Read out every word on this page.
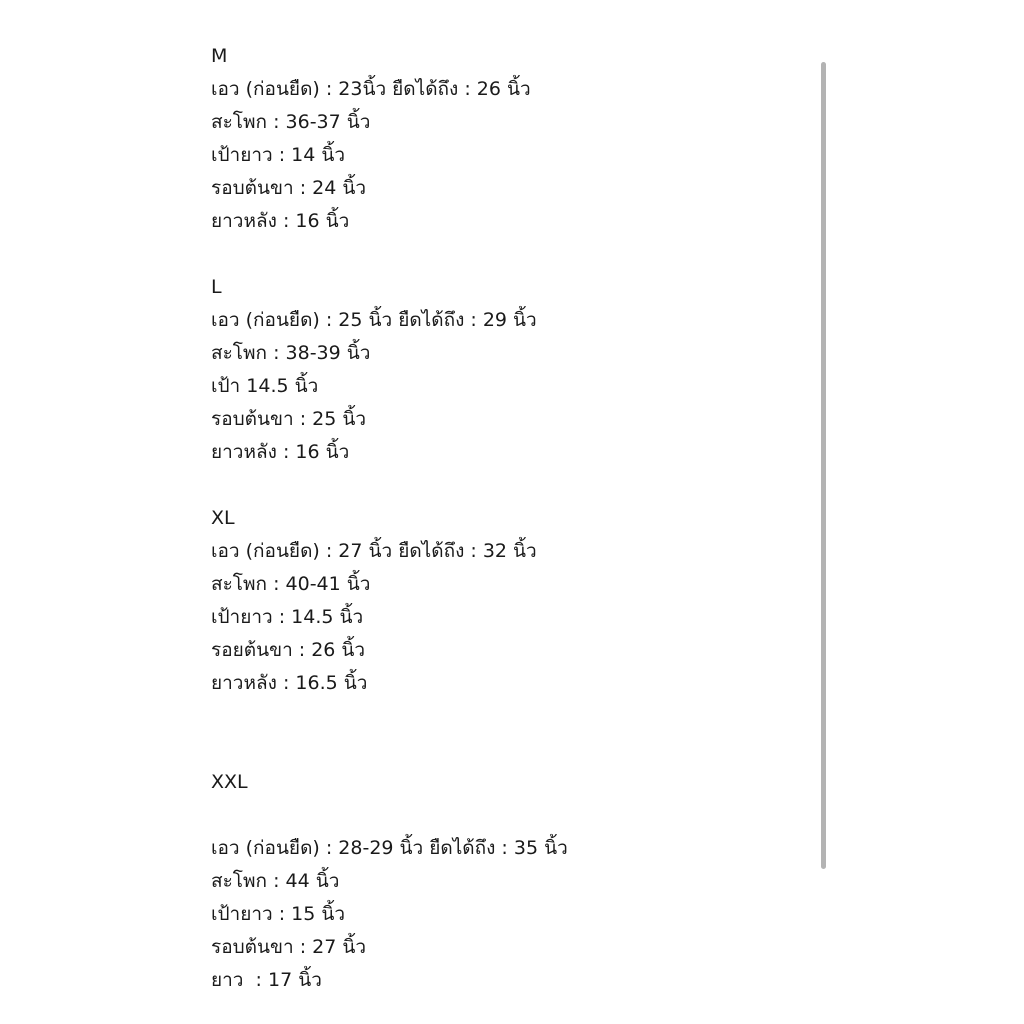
M
เอว (ก่อนยืด) : 23นิ้ว ยืดได้ถึง : 26 นิ้ว
สะโพก : 36-37 นิ้ว
เป้ายาว : 14 นิ้ว
รอบต้นขา : 24 นิ้ว
ยาวหลัง : 16 นิ้ว
L
เอว (ก่อนยืด) : 25 นิ้ว ยืดได้ถึง : 29 นิ้ว
สะโพก : 38-39 นิ้ว
เป้า 14.5 นิ้ว
รอบต้นขา : 25 นิ้ว
ยาวหลัง : 16 นิ้ว
XL
เอว (ก่อนยืด) : 27 นิ้ว ยืดได้ถึง : 32 นิ้ว
สะโพก : 40-41 นิ้ว
เป้ายาว : 14.5 นิ้ว
รอยต้นขา : 26 นิ้ว
ยาวหลัง : 16.5 นิ้ว
XXL
เอว (ก่อนยืด) : 28-29 นิ้ว ยืดได้ถึง : 35 นิ้ว
สะโพก : 44 นิ้ว
เป้ายาว : 15 นิ้ว
รอบต้นขา : 27 นิ้ว
ยาว  : 17 นิ้ว
